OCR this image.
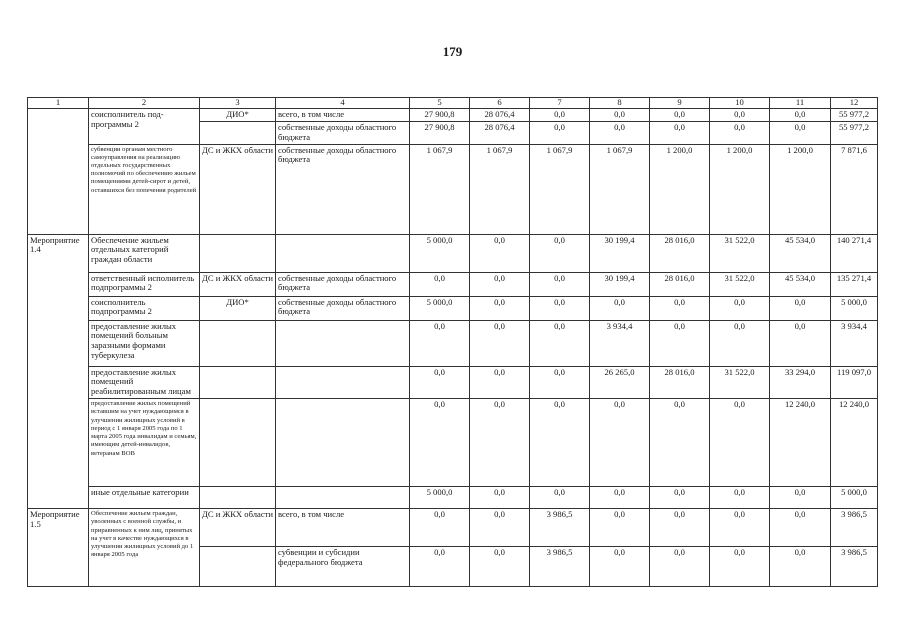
179
1	2	3	4	5	6	7	8	9	10	11	12
	соисполнитель под-программы 2	ДИО*	всего, в том числе	27 900,8	28 076,4	0,0	0,0	0,0	0,0	0,0	55 977,2
			собственные доходы областного бюджета	27 900,8	28 076,4	0,0	0,0	0,0	0,0	0,0	55 977,2
	субвенции органам местного самоуправления на реализацию отдельных государственных полномочий по обеспечению жильем помещениями детей-сирот и детей, оставшихся без попечения родителей	ДС и ЖКХ области	собственные доходы областного бюджета	1 067,9	1 067,9	1 067,9	1 067,9	1 200,0	1 200,0	1 200,0	7 871,6
Мероприятие 1.4	Обеспечение жильем отдельных категорий граждан области			5 000,0	0,0	0,0	30 199,4	28 016,0	31 522,0	45 534,0	140 271,4
	ответственный исполнитель подпрограммы 2	ДС и ЖКХ области	собственные доходы областного бюджета	0,0	0,0	0,0	30 199,4	28 016,0	31 522,0	45 534,0	135 271,4
	соисполнитель подпрограммы 2	ДИО*	собственные доходы областного бюджета	5 000,0	0,0	0,0	0,0	0,0	0,0	0,0	5 000,0
	предоставление жилых помещений больным заразными формами туберкулеза			0,0	0,0	0,0	3 934,4	0,0	0,0	0,0	3 934,4
	предоставление жилых помещений реабилитированным лицам			0,0	0,0	0,0	26 265,0	28 016,0	31 522,0	33 294,0	119 097,0
	предоставление жилых помещений вставшим на учет нуждающимся в улучшении жилищных условий в период с 1 января 2005 года по 1 марта 2005 года инвалидам и семьям, имеющим детей-инвалидов, ветеранам ВОВ			0,0	0,0	0,0	0,0	0,0	0,0	12 240,0	12 240,0
	иные отдельные категории			5 000,0	0,0	0,0	0,0	0,0	0,0	0,0	5 000,0
Мероприятие 1.5	Обеспечение жильем граждан, уволенных с военной службы, и приравненных к ним лиц, принятых на учет в качестве нуждающихся в улучшении жилищных условий до 1 января 2005 года	ДС и ЖКХ области	всего, в том числе	0,0	0,0	3 986,5	0,0	0,0	0,0	0,0	3 986,5
			субвенции и субсидии федерального бюджета	0,0	0,0	3 986,5	0,0	0,0	0,0	0,0	3 986,5
